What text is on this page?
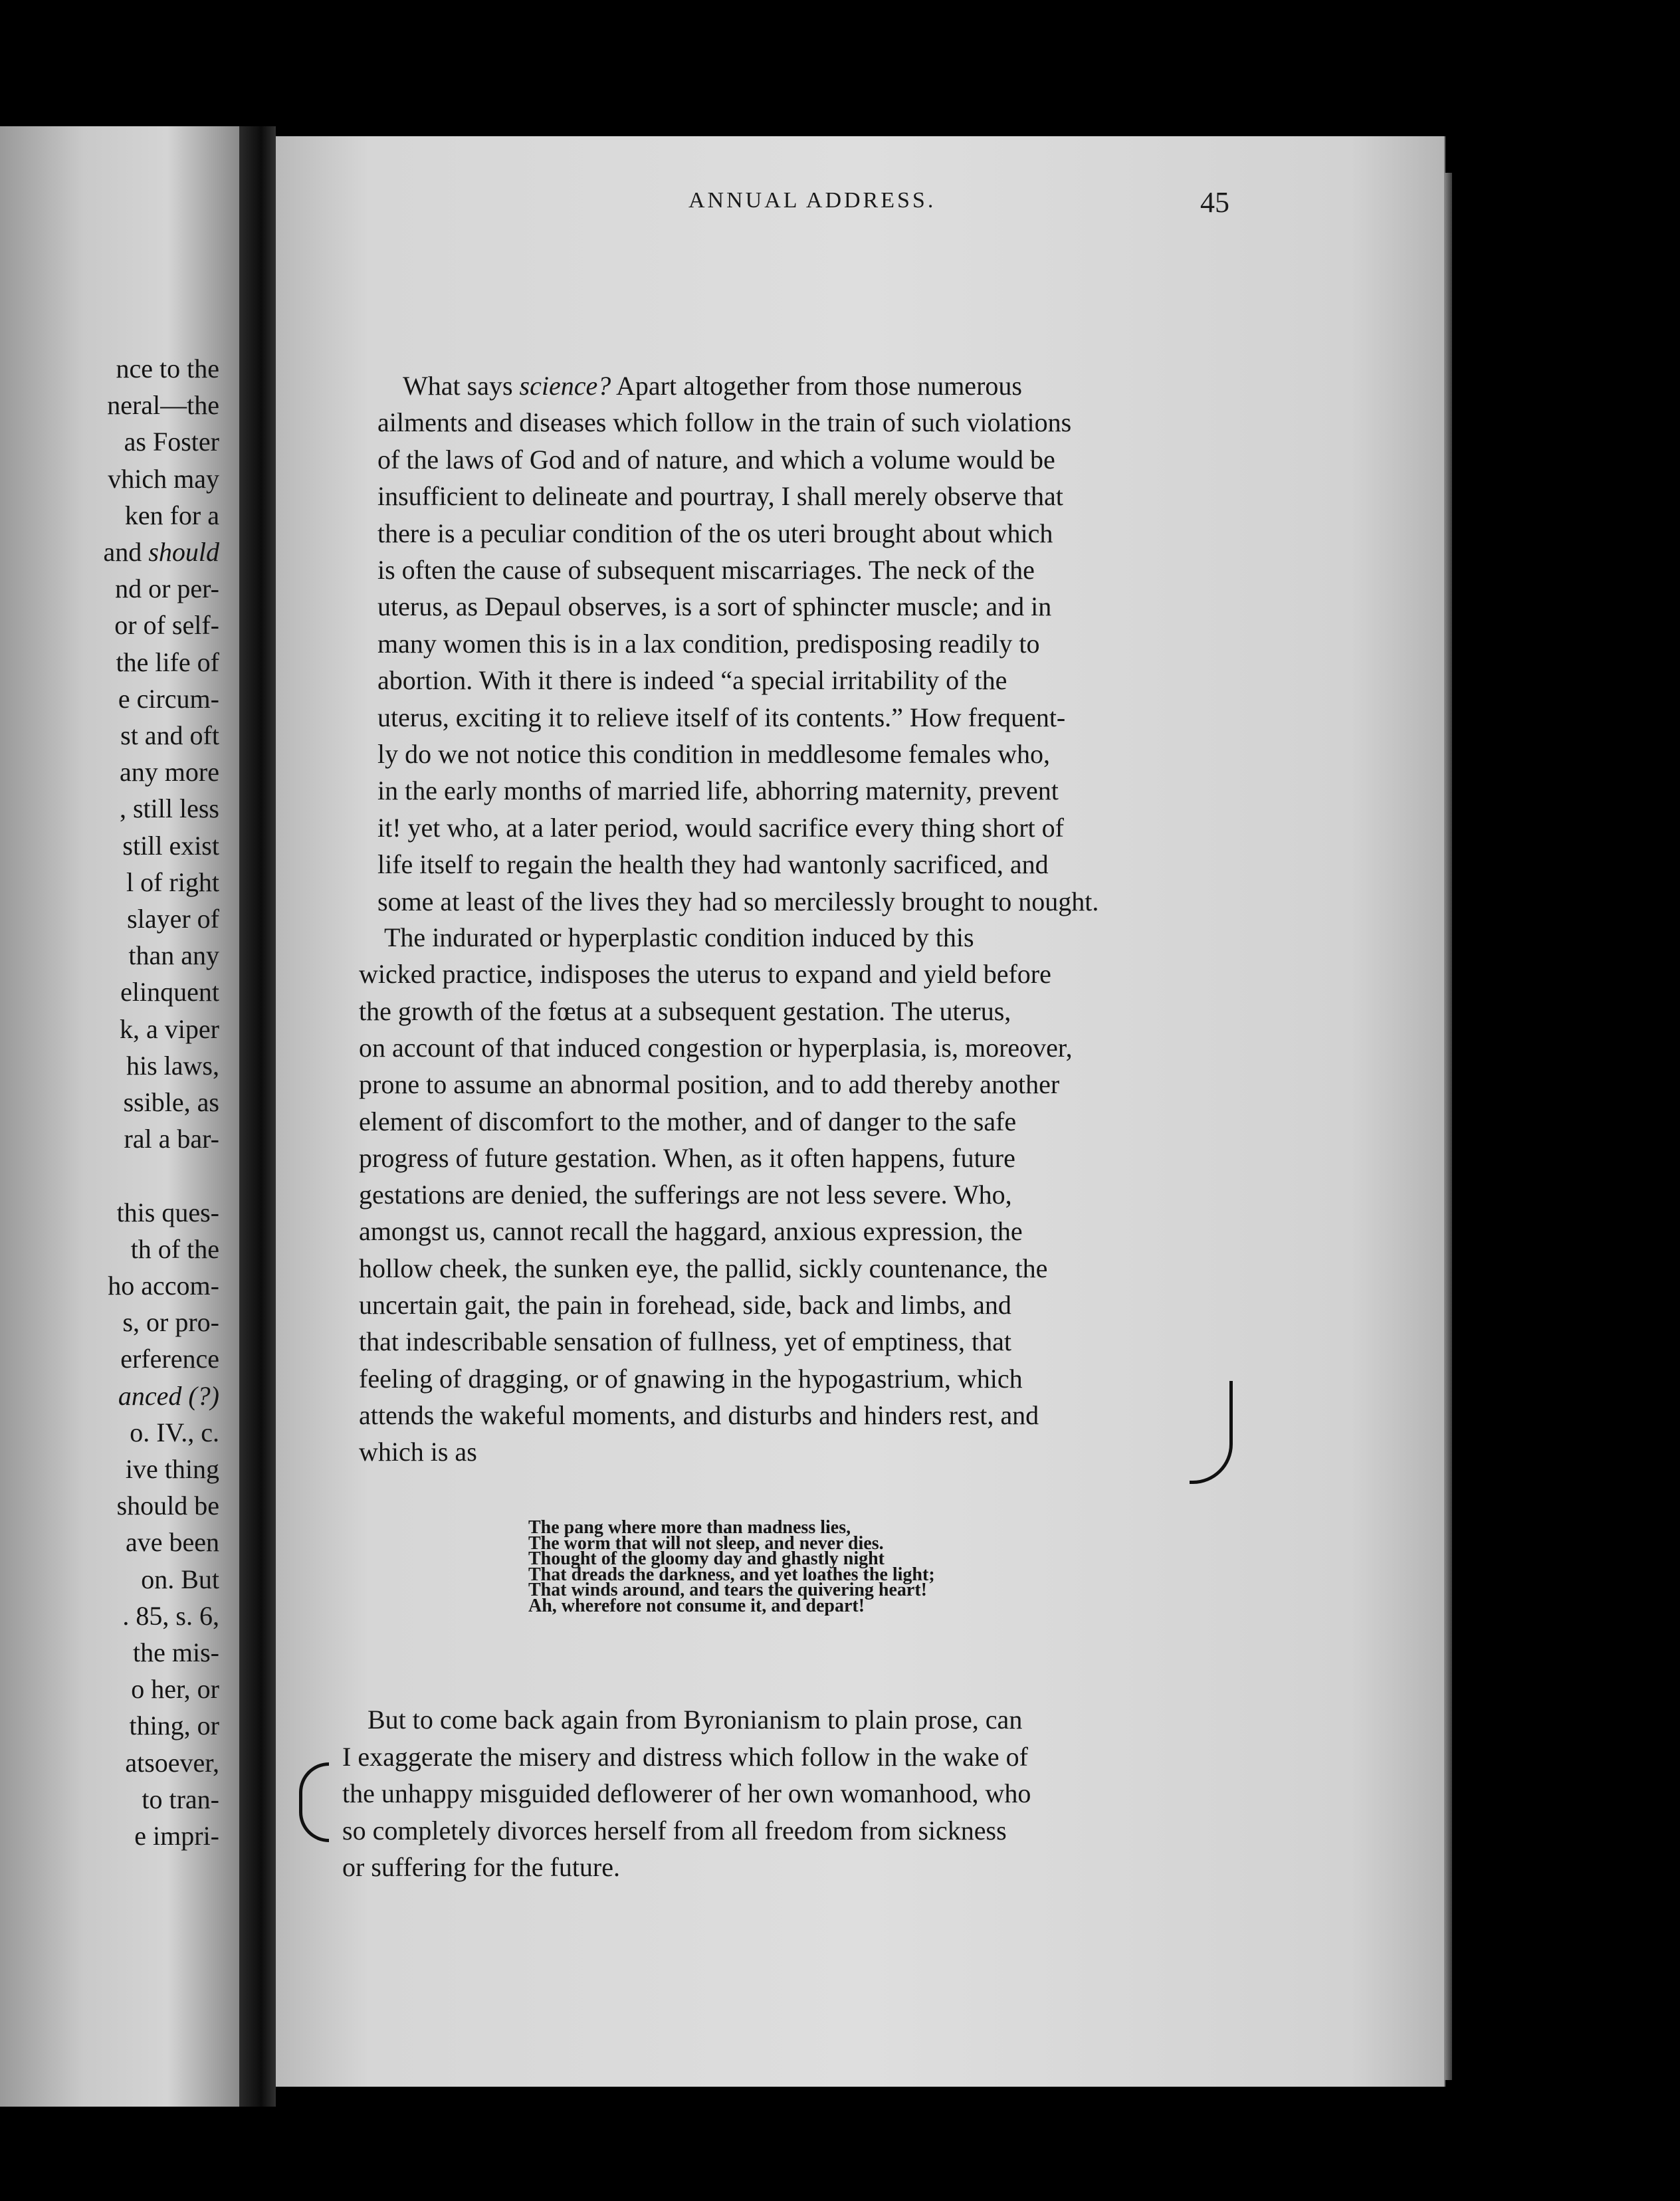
nce to the
neral—the
as Foster
vhich may
ken for a
and should
nd or per-
or of self-
the life of
e circum-
st and oft
any more
, still less
still exist
l of right
slayer of
than any
elinquent
k, a viper
his laws,
ssible, as
ral a bar-
this ques-
th of the
ho accom-
s, or pro-
erference
anced (?)
o. IV., c.
ive thing
should be
ave been
on. But
. 85, s. 6,
the mis-
o her, or
thing, or
atsoever,
to tran-
e impri-
ANNUAL ADDRESS.	45
What says science? Apart altogether from those numerous
ailments and diseases which follow in the train of such violations
of the laws of God and of nature, and which a volume would be
insufficient to delineate and pourtray, I shall merely observe that
there is a peculiar condition of the os uteri brought about which
is often the cause of subsequent miscarriages. The neck of the
uterus, as Depaul observes, is a sort of sphincter muscle; and in
many women this is in a lax condition, predisposing readily to
abortion. With it there is indeed “a special irritability of the
uterus, exciting it to relieve itself of its contents.” How frequent-
ly do we not notice this condition in meddlesome females who,
in the early months of married life, abhorring maternity, prevent
it! yet who, at a later period, would sacrifice every thing short of
life itself to regain the health they had wantonly sacrificed, and
some at least of the lives they had so mercilessly brought to nought.
The indurated or hyperplastic condition induced by this
wicked practice, indisposes the uterus to expand and yield before
the growth of the fœtus at a subsequent gestation. The uterus,
on account of that induced congestion or hyperplasia, is, moreover,
prone to assume an abnormal position, and to add thereby another
element of discomfort to the mother, and of danger to the safe
progress of future gestation. When, as it often happens, future
gestations are denied, the sufferings are not less severe. Who,
amongst us, cannot recall the haggard, anxious expression, the
hollow cheek, the sunken eye, the pallid, sickly countenance, the
uncertain gait, the pain in forehead, side, back and limbs, and
that indescribable sensation of fullness, yet of emptiness, that
feeling of dragging, or of gnawing in the hypogastrium, which
attends the wakeful moments, and disturbs and hinders rest, and
which is as
The pang where more than madness lies,
The worm that will not sleep, and never dies.
Thought of the gloomy day and ghastly night
That dreads the darkness, and yet loathes the light;
That winds around, and tears the quivering heart!
Ah, wherefore not consume it, and depart!
But to come back again from Byronianism to plain prose, can
I exaggerate the misery and distress which follow in the wake of
the unhappy misguided deflowerer of her own womanhood, who
so completely divorces herself from all freedom from sickness
or suffering for the future.
